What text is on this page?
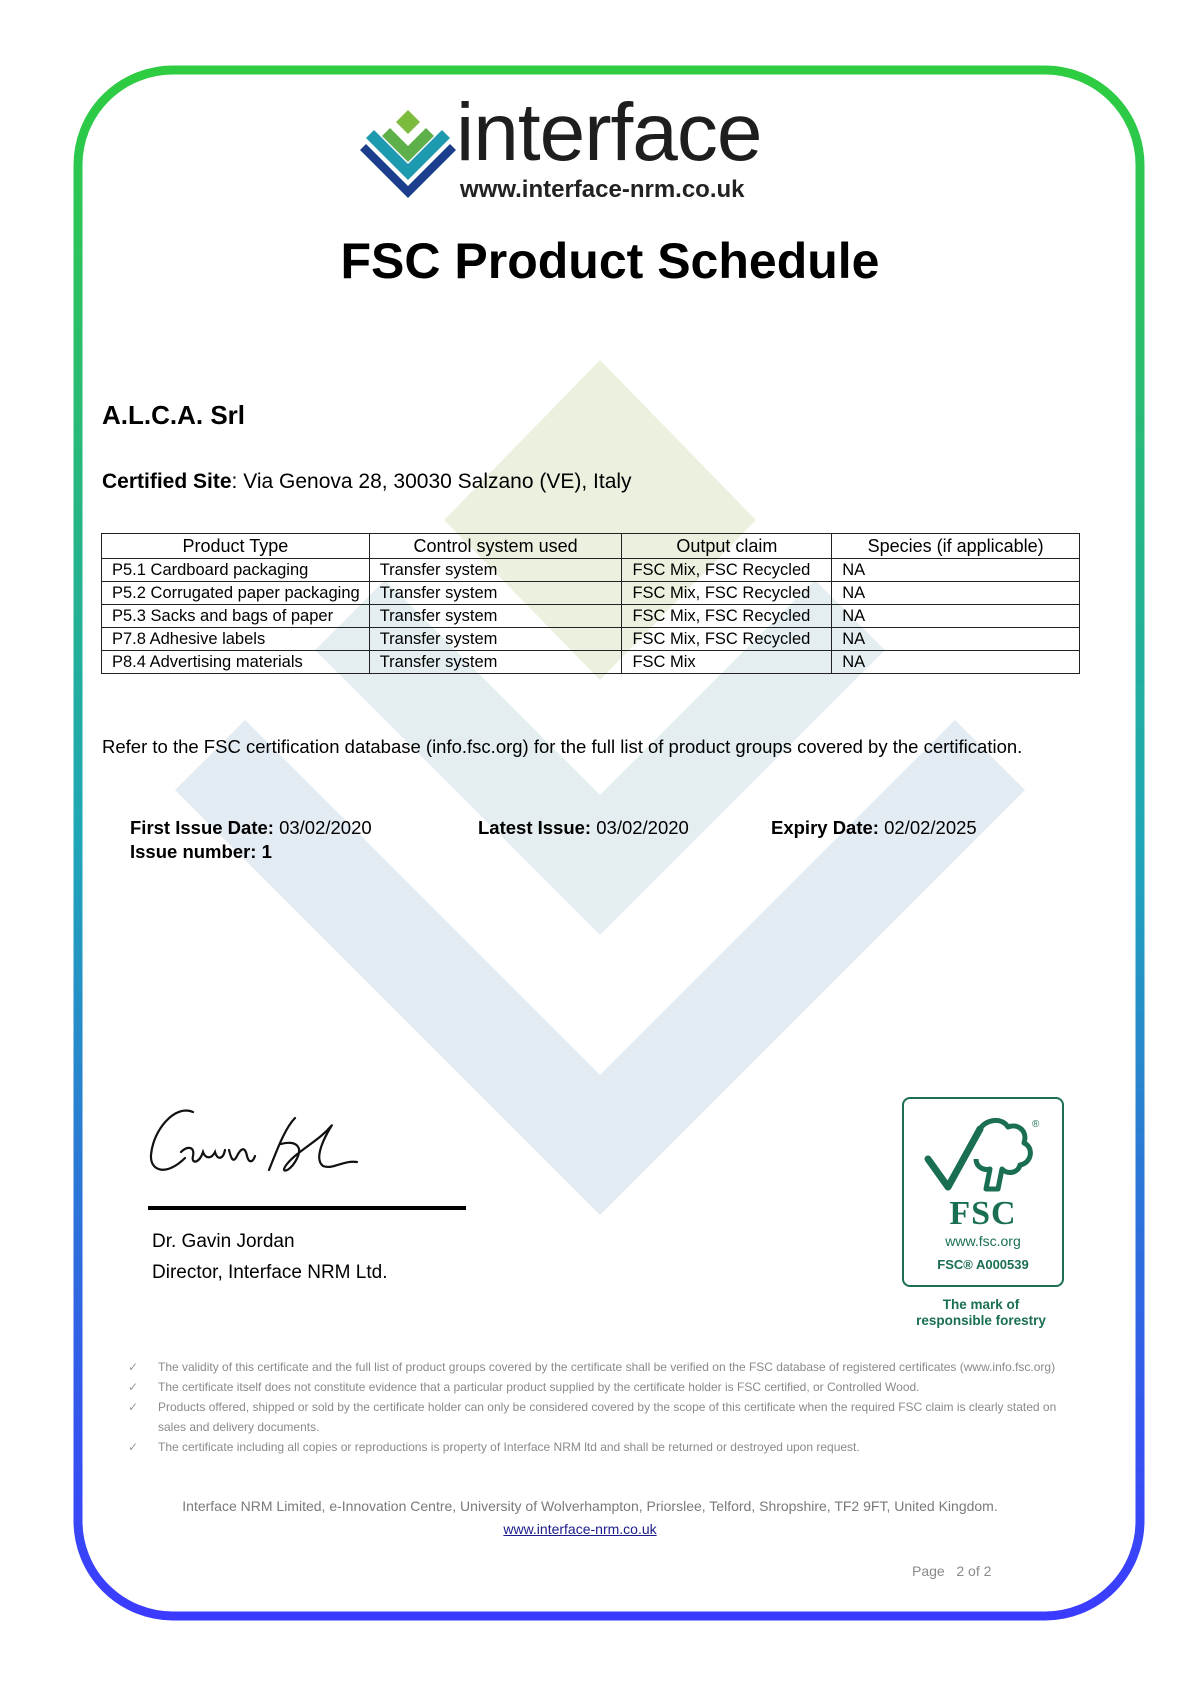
interface
www.interface-nrm.co.uk
FSC Product Schedule
A.L.C.A. Srl
Certified Site: Via Genova 28, 30030 Salzano (VE), Italy
Product Type	Control system used	Output claim	Species (if applicable)
P5.1 Cardboard packaging	Transfer system	FSC Mix, FSC Recycled	NA
P5.2 Corrugated paper packaging	Transfer system	FSC Mix, FSC Recycled	NA
P5.3 Sacks and bags of paper	Transfer system	FSC Mix, FSC Recycled	NA
P7.8 Adhesive labels	Transfer system	FSC Mix, FSC Recycled	NA
P8.4 Advertising materials	Transfer system	FSC Mix	NA
Refer to the FSC certification database (info.fsc.org) for the full list of product groups covered by the certification.
First Issue Date: 03/02/2020
Issue number: 1
Latest Issue: 03/02/2020	Expiry Date: 02/02/2025
Dr. Gavin Jordan
Director, Interface NRM Ltd.
®
FSC
www.fsc.org
FSC® A000539
The mark of
responsible forestry
✓ The validity of this certificate and the full list of product groups covered by the certificate shall be verified on the FSC database of registered certificates (www.info.fsc.org)
✓ The certificate itself does not constitute evidence that a particular product supplied by the certificate holder is FSC certified, or Controlled Wood.
✓ Products offered, shipped or sold by the certificate holder can only be considered covered by the scope of this certificate when the required FSC claim is clearly stated on sales and delivery documents.
✓ The certificate including all copies or reproductions is property of Interface NRM ltd and shall be returned or destroyed upon request.
Interface NRM Limited, e-Innovation Centre, University of Wolverhampton, Priorslee, Telford, Shropshire, TF2 9FT, United Kingdom.
www.interface-nrm.co.uk
Page 2 of 2
